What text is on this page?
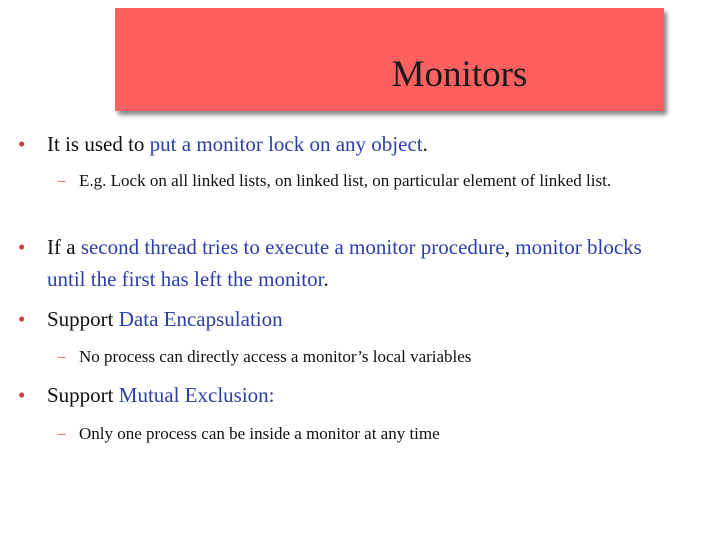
Monitors
• It is used to put a monitor lock on any object.
– E.g. Lock on all linked lists, on linked list, on particular element of linked list.
• If a second thread tries to execute a monitor procedure, monitor blocks until the first has left the monitor.
• Support Data Encapsulation
– No process can directly access a monitor’s local variables
• Support Mutual Exclusion:
– Only one process can be inside a monitor at any time
